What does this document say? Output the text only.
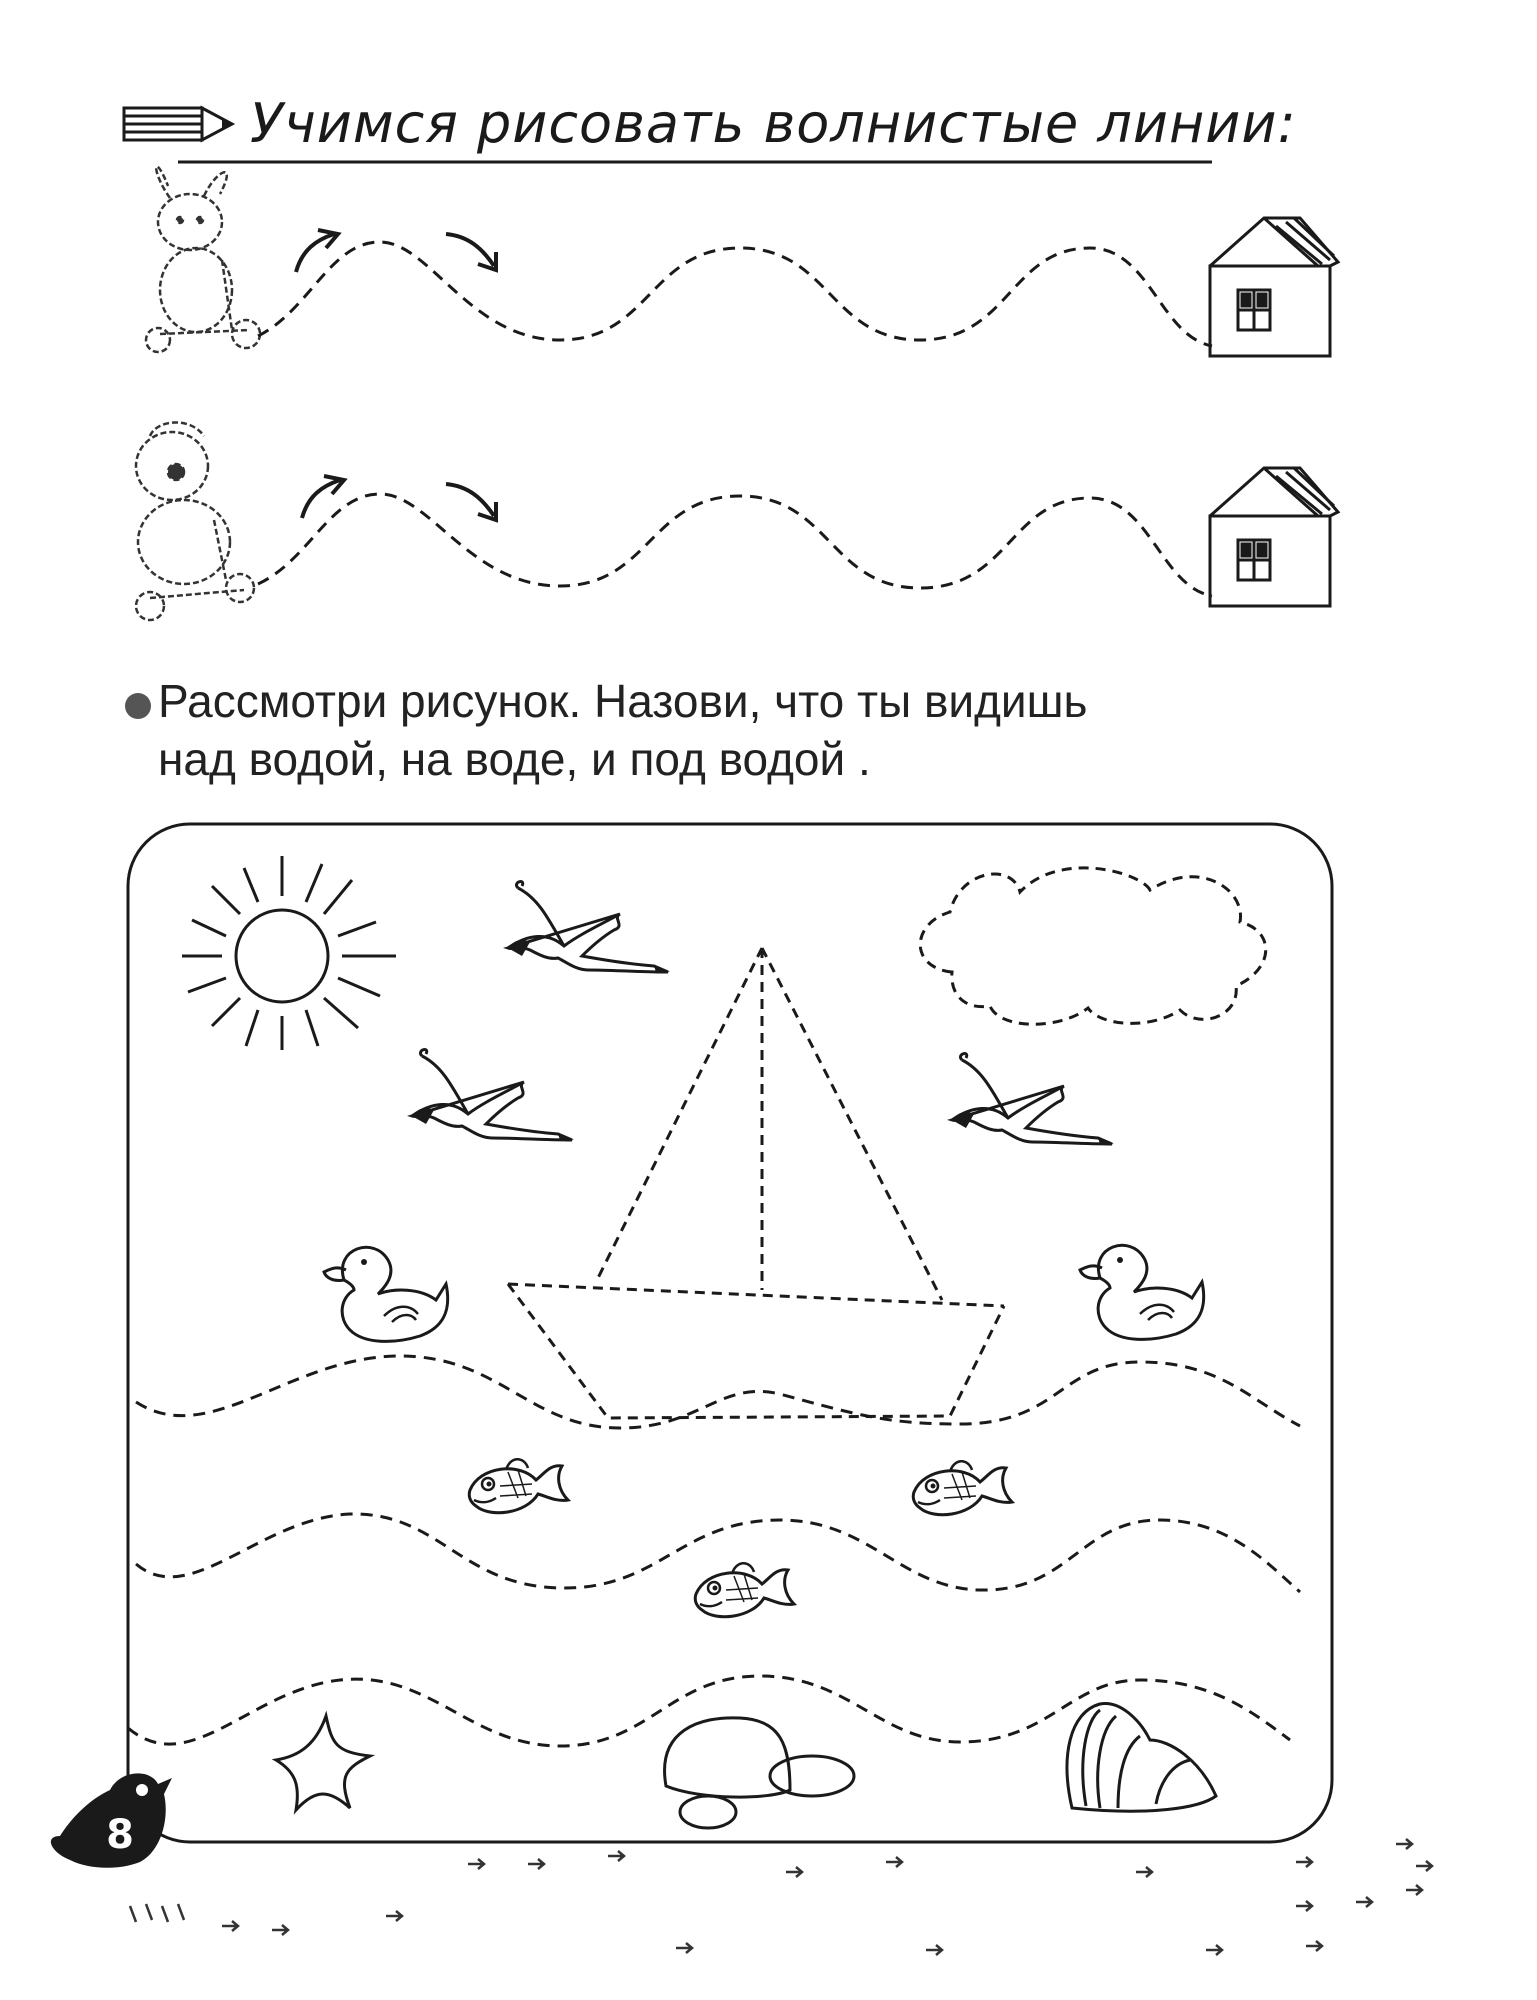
Учимся рисовать волнистые линии:
Рассмотри рисунок. Назови, что ты видишь
над водой, на воде, и под водой .
8
